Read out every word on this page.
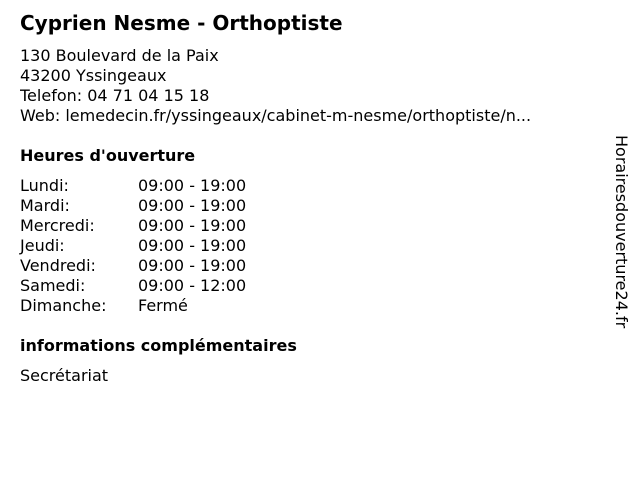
Cyprien Nesme - Orthoptiste
130 Boulevard de la Paix
43200 Yssingeaux
Telefon: 04 71 04 15 18
Web: lemedecin.fr/yssingeaux/cabinet-m-nesme/orthoptiste/n...
Heures d'ouverture
Lundi:	09:00 - 19:00
Mardi:	09:00 - 19:00
Mercredi:	09:00 - 19:00
Jeudi:	09:00 - 19:00
Vendredi:	09:00 - 19:00
Samedi:	09:00 - 12:00
Dimanche:	Fermé
informations complémentaires
Secrétariat
Horairesdouverture24.fr
